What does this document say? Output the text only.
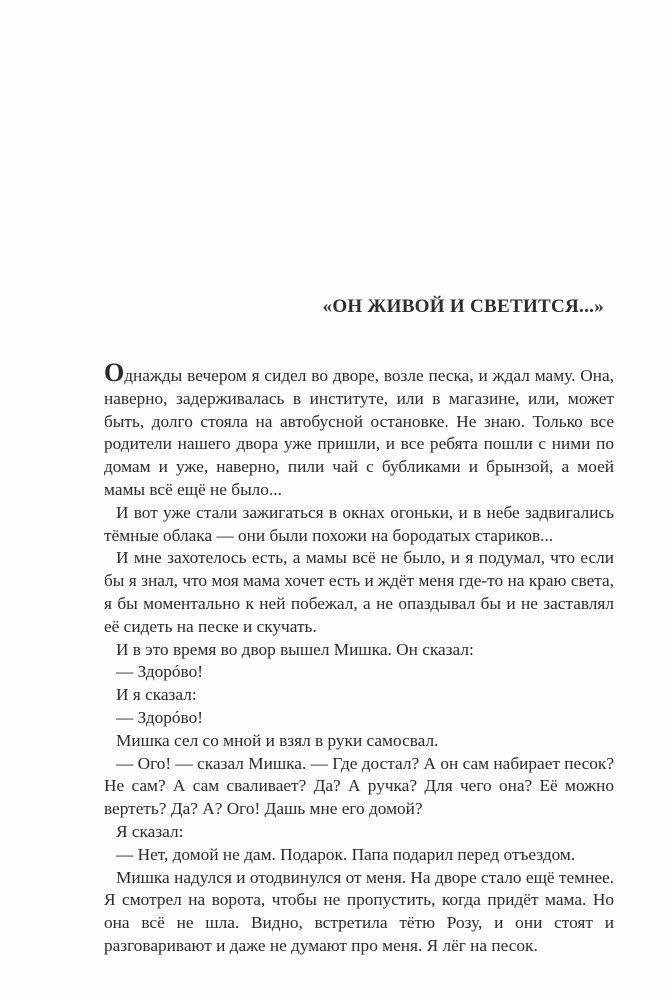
«ОН ЖИВОЙ И СВЕТИТСЯ...»

Однажды вечером я сидел во дворе, возле песка, и ждал маму. Она, наверно, задерживалась в институте, или в магазине, или, может быть, долго стояла на автобусной остановке. Не знаю. Только все родители нашего двора уже пришли, и все ребята пошли с ними по домам и уже, наверно, пили чай с бубликами и брынзой, а моей мамы всё ещё не было...

И вот уже стали зажигаться в окнах огоньки, и в небе задвигались тёмные облака — они были похожи на бородатых стариков...

И мне захотелось есть, а мамы всё не было, и я подумал, что если бы я знал, что моя мама хочет есть и ждёт меня где-то на краю света, я бы моментально к ней побежал, а не опаздывал бы и не заставлял её сидеть на песке и скучать.

И в это время во двор вышел Мишка. Он сказал:

— Здорóво!

И я сказал:

— Здорóво!

Мишка сел со мной и взял в руки самосвал.

— Ого! — сказал Мишка. — Где достал? А он сам набирает песок? Не сам? А сам сваливает? Да? А ручка? Для чего она? Её можно вертеть? Да? А? Ого! Дашь мне его домой?

Я сказал:

— Нет, домой не дам. Подарок. Папа подарил перед отъездом.

Мишка надулся и отодвинулся от меня. На дворе стало ещё темнее. Я смотрел на ворота, чтобы не пропустить, когда придёт мама. Но она всё не шла. Видно, встретила тётю Розу, и они стоят и разговаривают и даже не думают про меня. Я лёг на песок.
